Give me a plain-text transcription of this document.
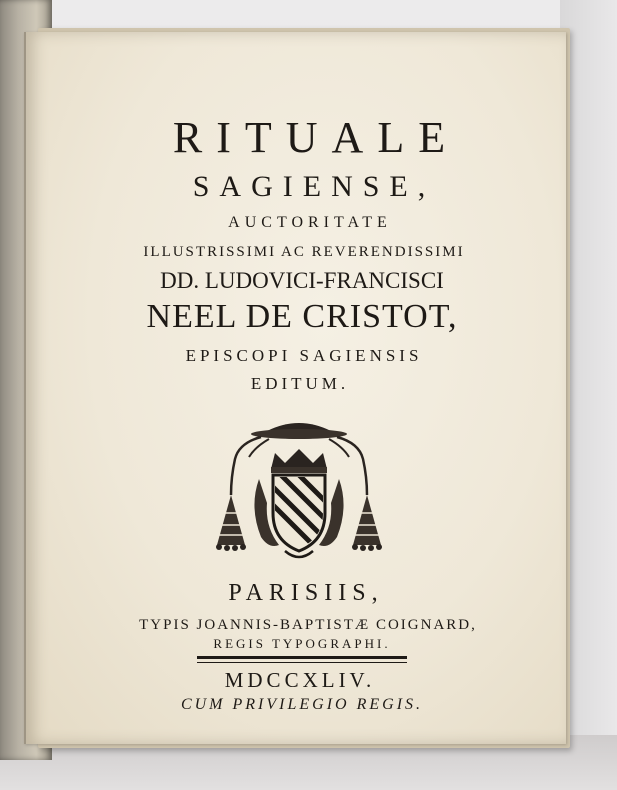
RITUALE
SAGIENSE,
AUCTORITATE
ILLUSTRISSIMI AC REVERENDISSIMI
DD. LUDOVICI-FRANCISCI
NEEL DE CRISTOT,
EPISCOPI SAGIENSIS
EDITUM.
PARISIIS,
TYPIS JOANNIS-BAPTISTÆ COIGNARD,
REGIS TYPOGRAPHI.
MDCCXLIV.
CUM PRIVILEGIO REGIS.
